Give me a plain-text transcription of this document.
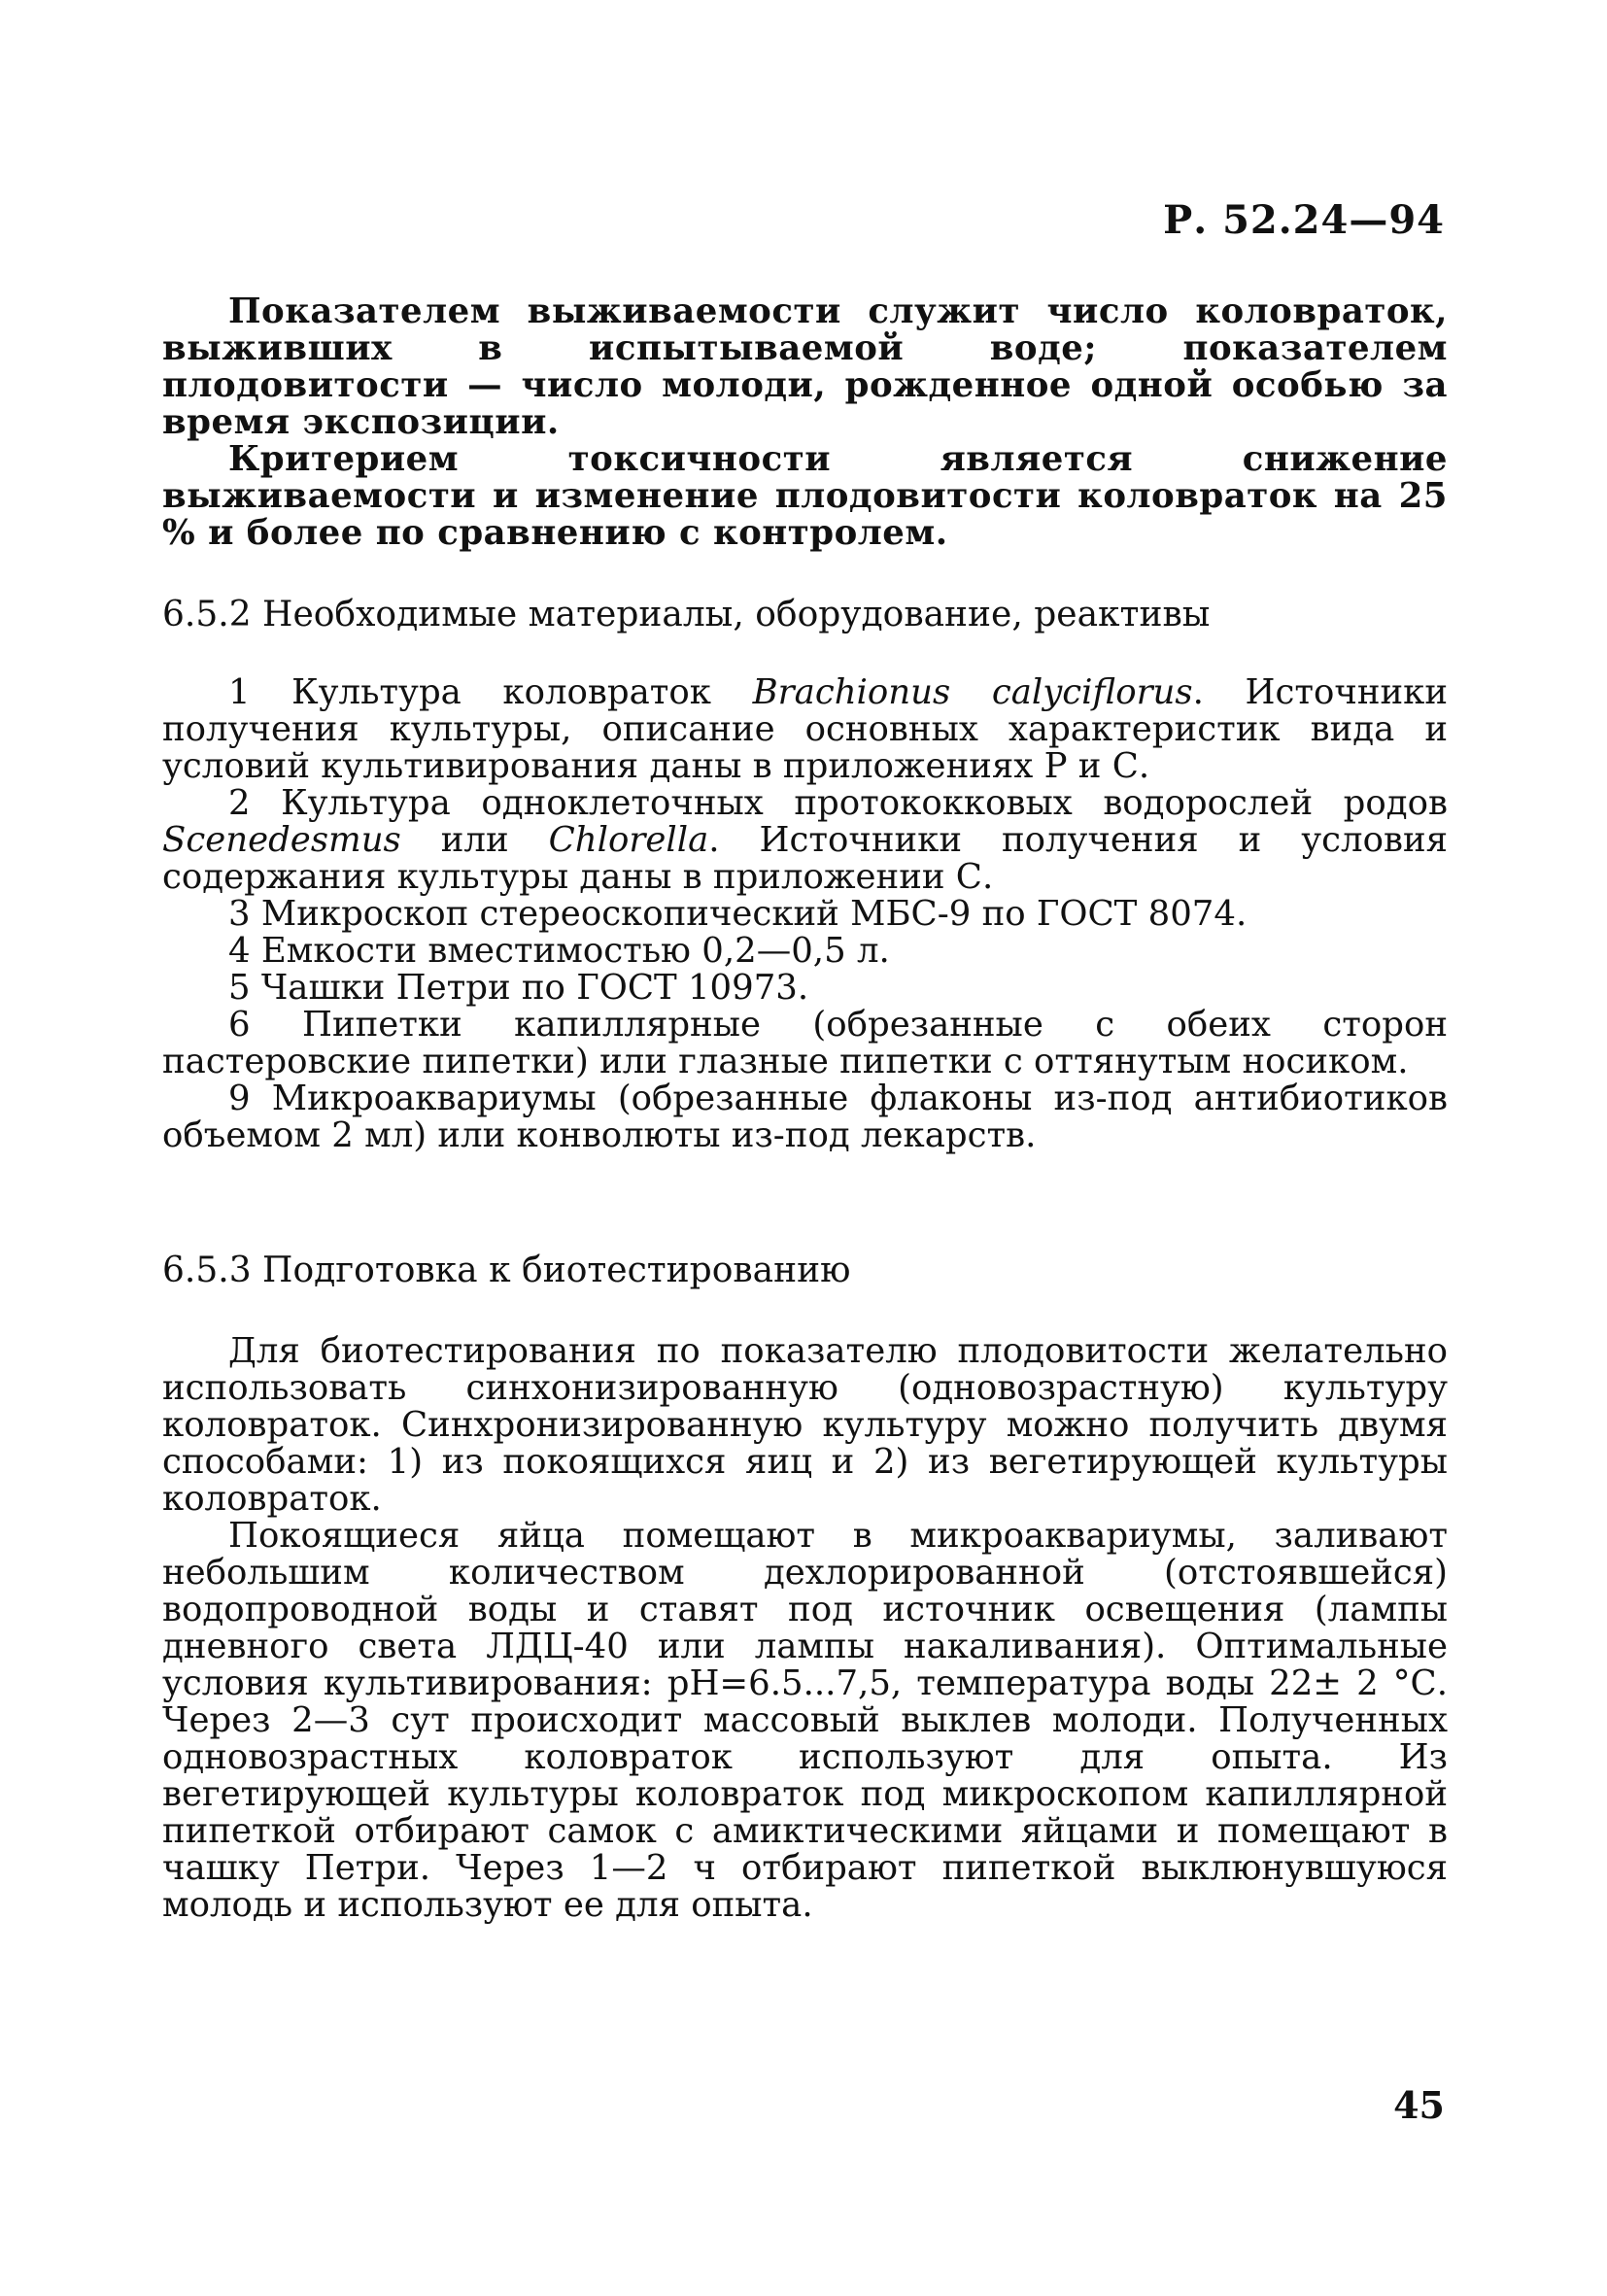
Р. 52.24—94

Показателем выживаемости служит число коловраток, выживших в испытываемой воде; показателем плодовитости — число молоди, рожденное одной особью за время экспозиции.

Критерием токсичности является снижение выживаемости и изменение плодовитости коловраток на 25 % и более по сравнению с контролем.

6.5.2 Необходимые материалы, оборудование, реактивы
1 Культура коловраток Brachionus calyciflorus. Источники получения культуры, описание основных характеристик вида и условий культивирования даны в приложениях Р и С.
2 Культура одноклеточных протококковых водорослей родов Scenedesmus или Chlorella. Источники получения и условия содержания культуры даны в приложении С.
3 Микроскоп стереоскопический МБС-9 по ГОСТ 8074.
4 Емкости вместимостью 0,2—0,5 л.
5 Чашки Петри по ГОСТ 10973.
6 Пипетки капиллярные (обрезанные с обеих сторон пастеровские пипетки) или глазные пипетки с оттянутым носиком.
9 Микроаквариумы (обрезанные флаконы из-под антибиотиков объемом 2 мл) или конволюты из-под лекарств.
6.5.3 Подготовка к биотестированию

Для биотестирования по показателю плодовитости желательно использовать синхонизированную (одновозрастную) культуру коловраток. Синхронизированную культуру можно получить двумя способами: 1) из покоящихся яиц и 2) из вегетирующей культуры коловраток.

Покоящиеся яйца помещают в микроаквариумы, заливают небольшим количеством дехлорированной (отстоявшейся) водопроводной воды и ставят под источник освещения (лампы дневного света ЛДЦ-40 или лампы накаливания). Оптимальные условия культивирования: pH=6.5...7,5, температура воды 22± 2 °С. Через 2—3 сут происходит массовый выклев молоди. Полученных одновозрастных коловраток используют для опыта. Из вегетирующей культуры коловраток под микроскопом капиллярной пипеткой отбирают самок с амиктическими яйцами и помещают в чашку Петри. Через 1—2 ч отбирают пипеткой выклюнувшуюся молодь и используют ее для опыта.

45
